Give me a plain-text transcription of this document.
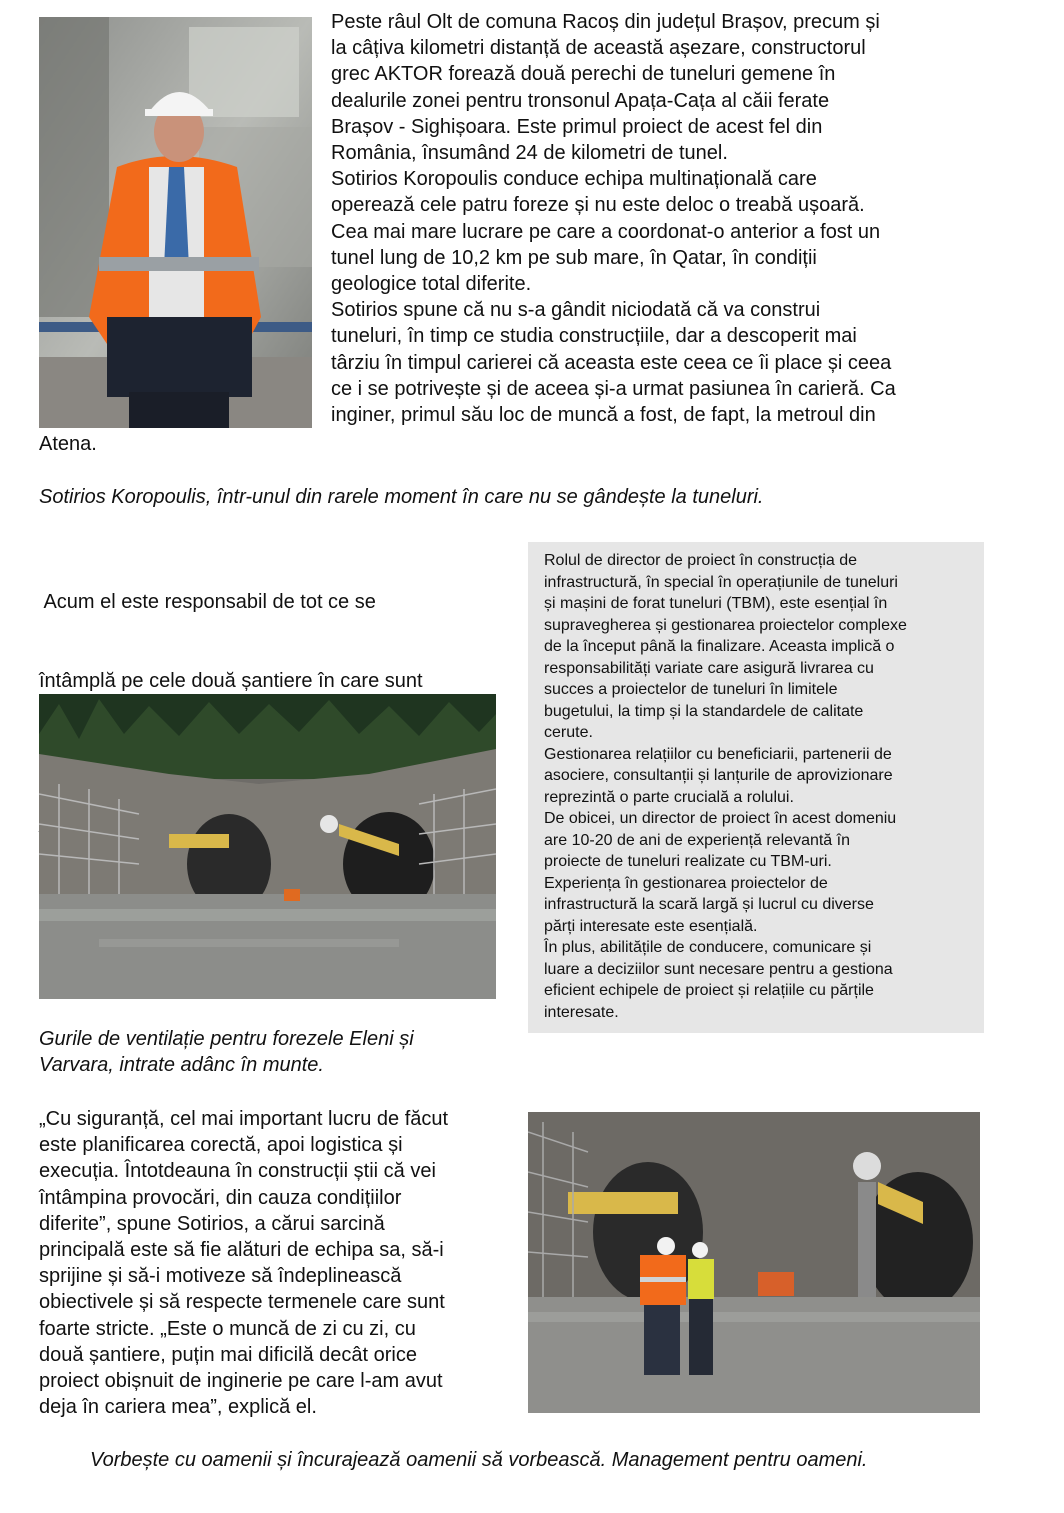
Peste râul Olt de comuna Racoș din județul Brașov, precum și
la câțiva kilometri distanță de această așezare, constructorul
grec AKTOR forează două perechi de tuneluri gemene în
dealurile zonei pentru tronsonul Apața-Cața al căii ferate
Brașov - Sighișoara. Este primul proiect de acest fel din
România, însumând 24 de kilometri de tunel.
Sotirios Koropoulis conduce echipa multinațională care
operează cele patru foreze și nu este deloc o treabă ușoară.
Cea mai mare lucrare pe care a coordonat-o anterior a fost un
tunel lung de 10,2 km pe sub mare, în Qatar, în condiții
geologice total diferite.
Sotirios spune că nu s-a gândit niciodată că va construi
tuneluri, în timp ce studia construcțiile, dar a descoperit mai
târziu în timpul carierei că aceasta este ceea ce îi place și ceea
ce i se potrivește și de aceea și-a urmat pasiunea în carieră. Ca
inginer, primul său loc de muncă a fost, de fapt, la metroul din
Atena.
Sotirios Koropoulis, într-unul din rarele moment în care nu se gândește la tuneluri.

Acum el este responsabil de tot ce se

întâmplă pe cele două șantiere în care sunt

Rolul de director de proiect în construcția de
infrastructură, în special în operațiunile de tuneluri
și mașini de forat tuneluri (TBM), este esențial în
supravegherea și gestionarea proiectelor complexe
de la început până la finalizare. Aceasta implică o
responsabilități variate care asigură livrarea cu
succes a proiectelor de tuneluri în limitele
bugetului, la timp și la standardele de calitate
cerute.
Gestionarea relațiilor cu beneficiarii, partenerii de
asociere, consultanții și lanțurile de aprovizionare
reprezintă o parte crucială a rolului.
De obicei, un director de proiect în acest domeniu
are 10-20 de ani de experiență relevantă în
proiecte de tuneluri realizate cu TBM-uri.
Experiența în gestionarea proiectelor de
infrastructură la scară largă și lucrul cu diverse
părți interesate este esențială.
În plus, abilitățile de conducere, comunicare și
luare a deciziilor sunt necesare pentru a gestiona
eficient echipele de proiect și relațiile cu părțile
interesate.

Gurile de ventilație pentru forezele Eleni și
Varvara, intrate adânc în munte.
„Cu siguranță, cel mai important lucru de făcut
este planificarea corectă, apoi logistica și
execuția. Întotdeauna în construcții știi că vei
întâmpina provocări, din cauza condițiilor
diferite”, spune Sotirios, a cărui sarcină
principală este să fie alături de echipa sa, să-i
sprijine și să-i motiveze să îndeplinească
obiectivele și să respecte termenele care sunt
foarte stricte. „Este o muncă de zi cu zi, cu
două șantiere, puțin mai dificilă decât orice
proiect obișnuit de inginerie pe care l-am avut
deja în cariera mea”, explică el.
Vorbește cu oamenii și încurajează oamenii să vorbească. Management pentru oameni.
